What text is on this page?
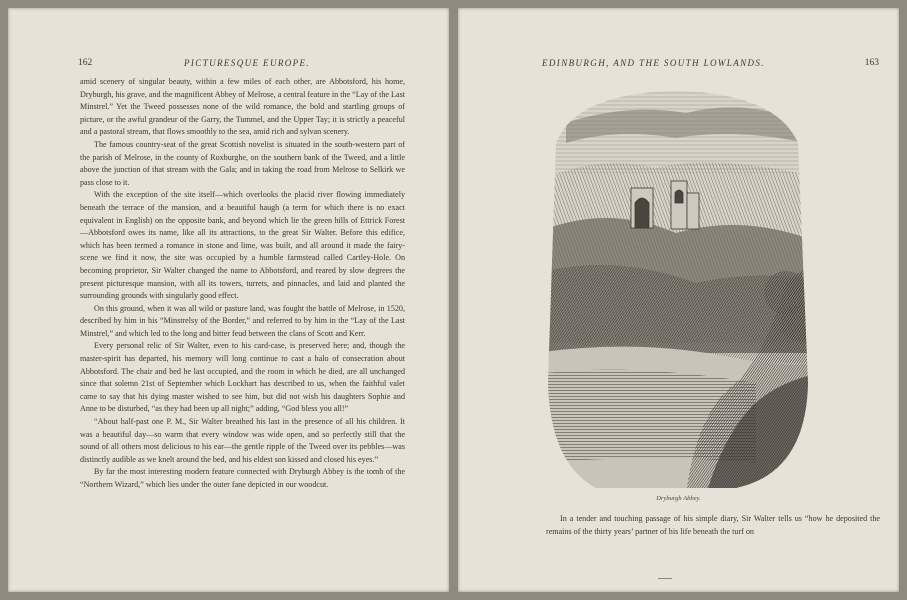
162	PICTURESQUE EUROPE.

amid scenery of singular beauty, within a few miles of each other, are Abbotsford, his home, Dryburgh, his grave, and the magnificent Abbey of Melrose, a central feature in the “Lay of the Last Minstrel.” Yet the Tweed possesses none of the wild romance, the bold and startling groups of picture, or the awful grandeur of the Garry, the Tummel, and the Upper Tay; it is strictly a peaceful and a pastoral stream, that flows smoothly to the sea, amid rich and sylvan scenery.

The famous country-seat of the great Scottish novelist is situated in the south-western part of the parish of Melrose, in the county of Roxburghe, on the southern bank of the Tweed, and a little above the junction of that stream with the Gala; and in taking the road from Melrose to Selkirk we pass close to it.

With the exception of the site itself—which overlooks the placid river flowing immediately beneath the terrace of the mansion, and a beautiful haugh (a term for which there is no exact equivalent in English) on the opposite bank, and beyond which lie the green hills of Ettrick Forest—Abbotsford owes its name, like all its attractions, to the great Sir Walter. Before this edifice, which has been termed a romance in stone and lime, was built, and all around it made the fairy-scene we find it now, the site was occupied by a humble farmstead called Cartley-Hole. On becoming proprietor, Sir Walter changed the name to Abbotsford, and reared by slow degrees the present picturesque mansion, with all its towers, turrets, and pinnacles, and laid and planted the surrounding grounds with singularly good effect.

On this ground, when it was all wild or pasture land, was fought the battle of Melrose, in 1520, described by him in his “Minstrelsy of the Border,” and referred to by him in the “Lay of the Last Minstrel,” and which led to the long and bitter feud between the clans of Scott and Kerr.

Every personal relic of Sir Walter, even to his card-case, is preserved here; and, though the master-spirit has departed, his memory will long continue to cast a halo of consecration about Abbotsford. The chair and bed he last occupied, and the room in which he died, are all unchanged since that solemn 21st of September which Lockhart has described to us, when the faithful valet came to say that his dying master wished to see him, but did not wish his daughters Sophie and Anne to be disturbed, “as they had been up all night;” adding, “God bless you all!”

“About half-past one P. M., Sir Walter breathed his last in the presence of all his children. It was a beautiful day—so warm that every window was wide open, and so perfectly still that the sound of all others most delicious to his ear—the gentle ripple of the Tweed over its pebbles—was distinctly audible as we knelt around the bed, and his eldest son kissed and closed his eyes.”

By far the most interesting modern feature connected with Dryburgh Abbey is the tomb of the “Northern Wizard,” which lies under the outer fane depicted in our woodcut.

EDINBURGH, AND THE SOUTH LOWLANDS.	163
Dryburgh Abbey.

In a tender and touching passage of his simple diary, Sir Walter tells us “how he deposited the remains of the thirty years’ partner of his life beneath the turf on
